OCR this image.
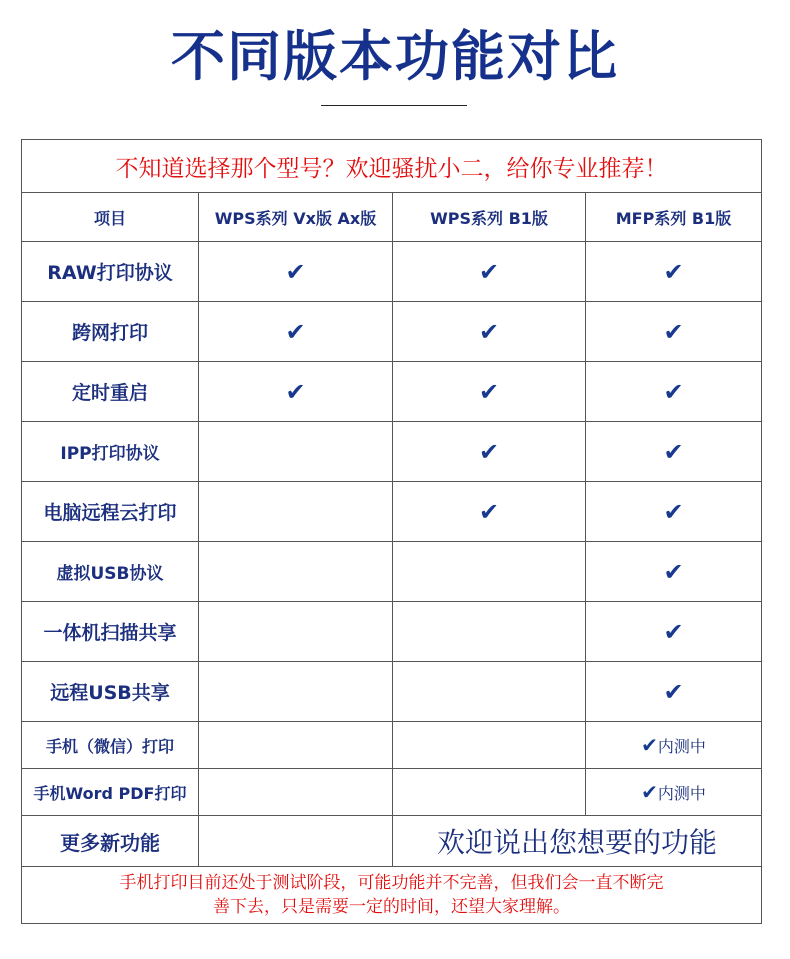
不同版本功能对比
不知道选择那个型号？欢迎骚扰小二，给你专业推荐！			
项目	WPS系列 Vx版 Ax版	WPS系列 B1版	MFP系列 B1版
RAW打印协议	✔	✔	✔
跨网打印	✔	✔	✔
定时重启	✔	✔	✔
IPP打印协议		✔	✔
电脑远程云打印		✔	✔
虚拟USB协议			✔
一体机扫描共享			✔
远程USB共享			✔
手机（微信）打印			✔内测中
手机Word PDF打印			✔内测中
更多新功能		欢迎说出您想要的功能	

手机打印目前还处于测试阶段，可能功能并不完善，但我们会一直不断完
善下去，只是需要一定的时间，还望大家理解。			
